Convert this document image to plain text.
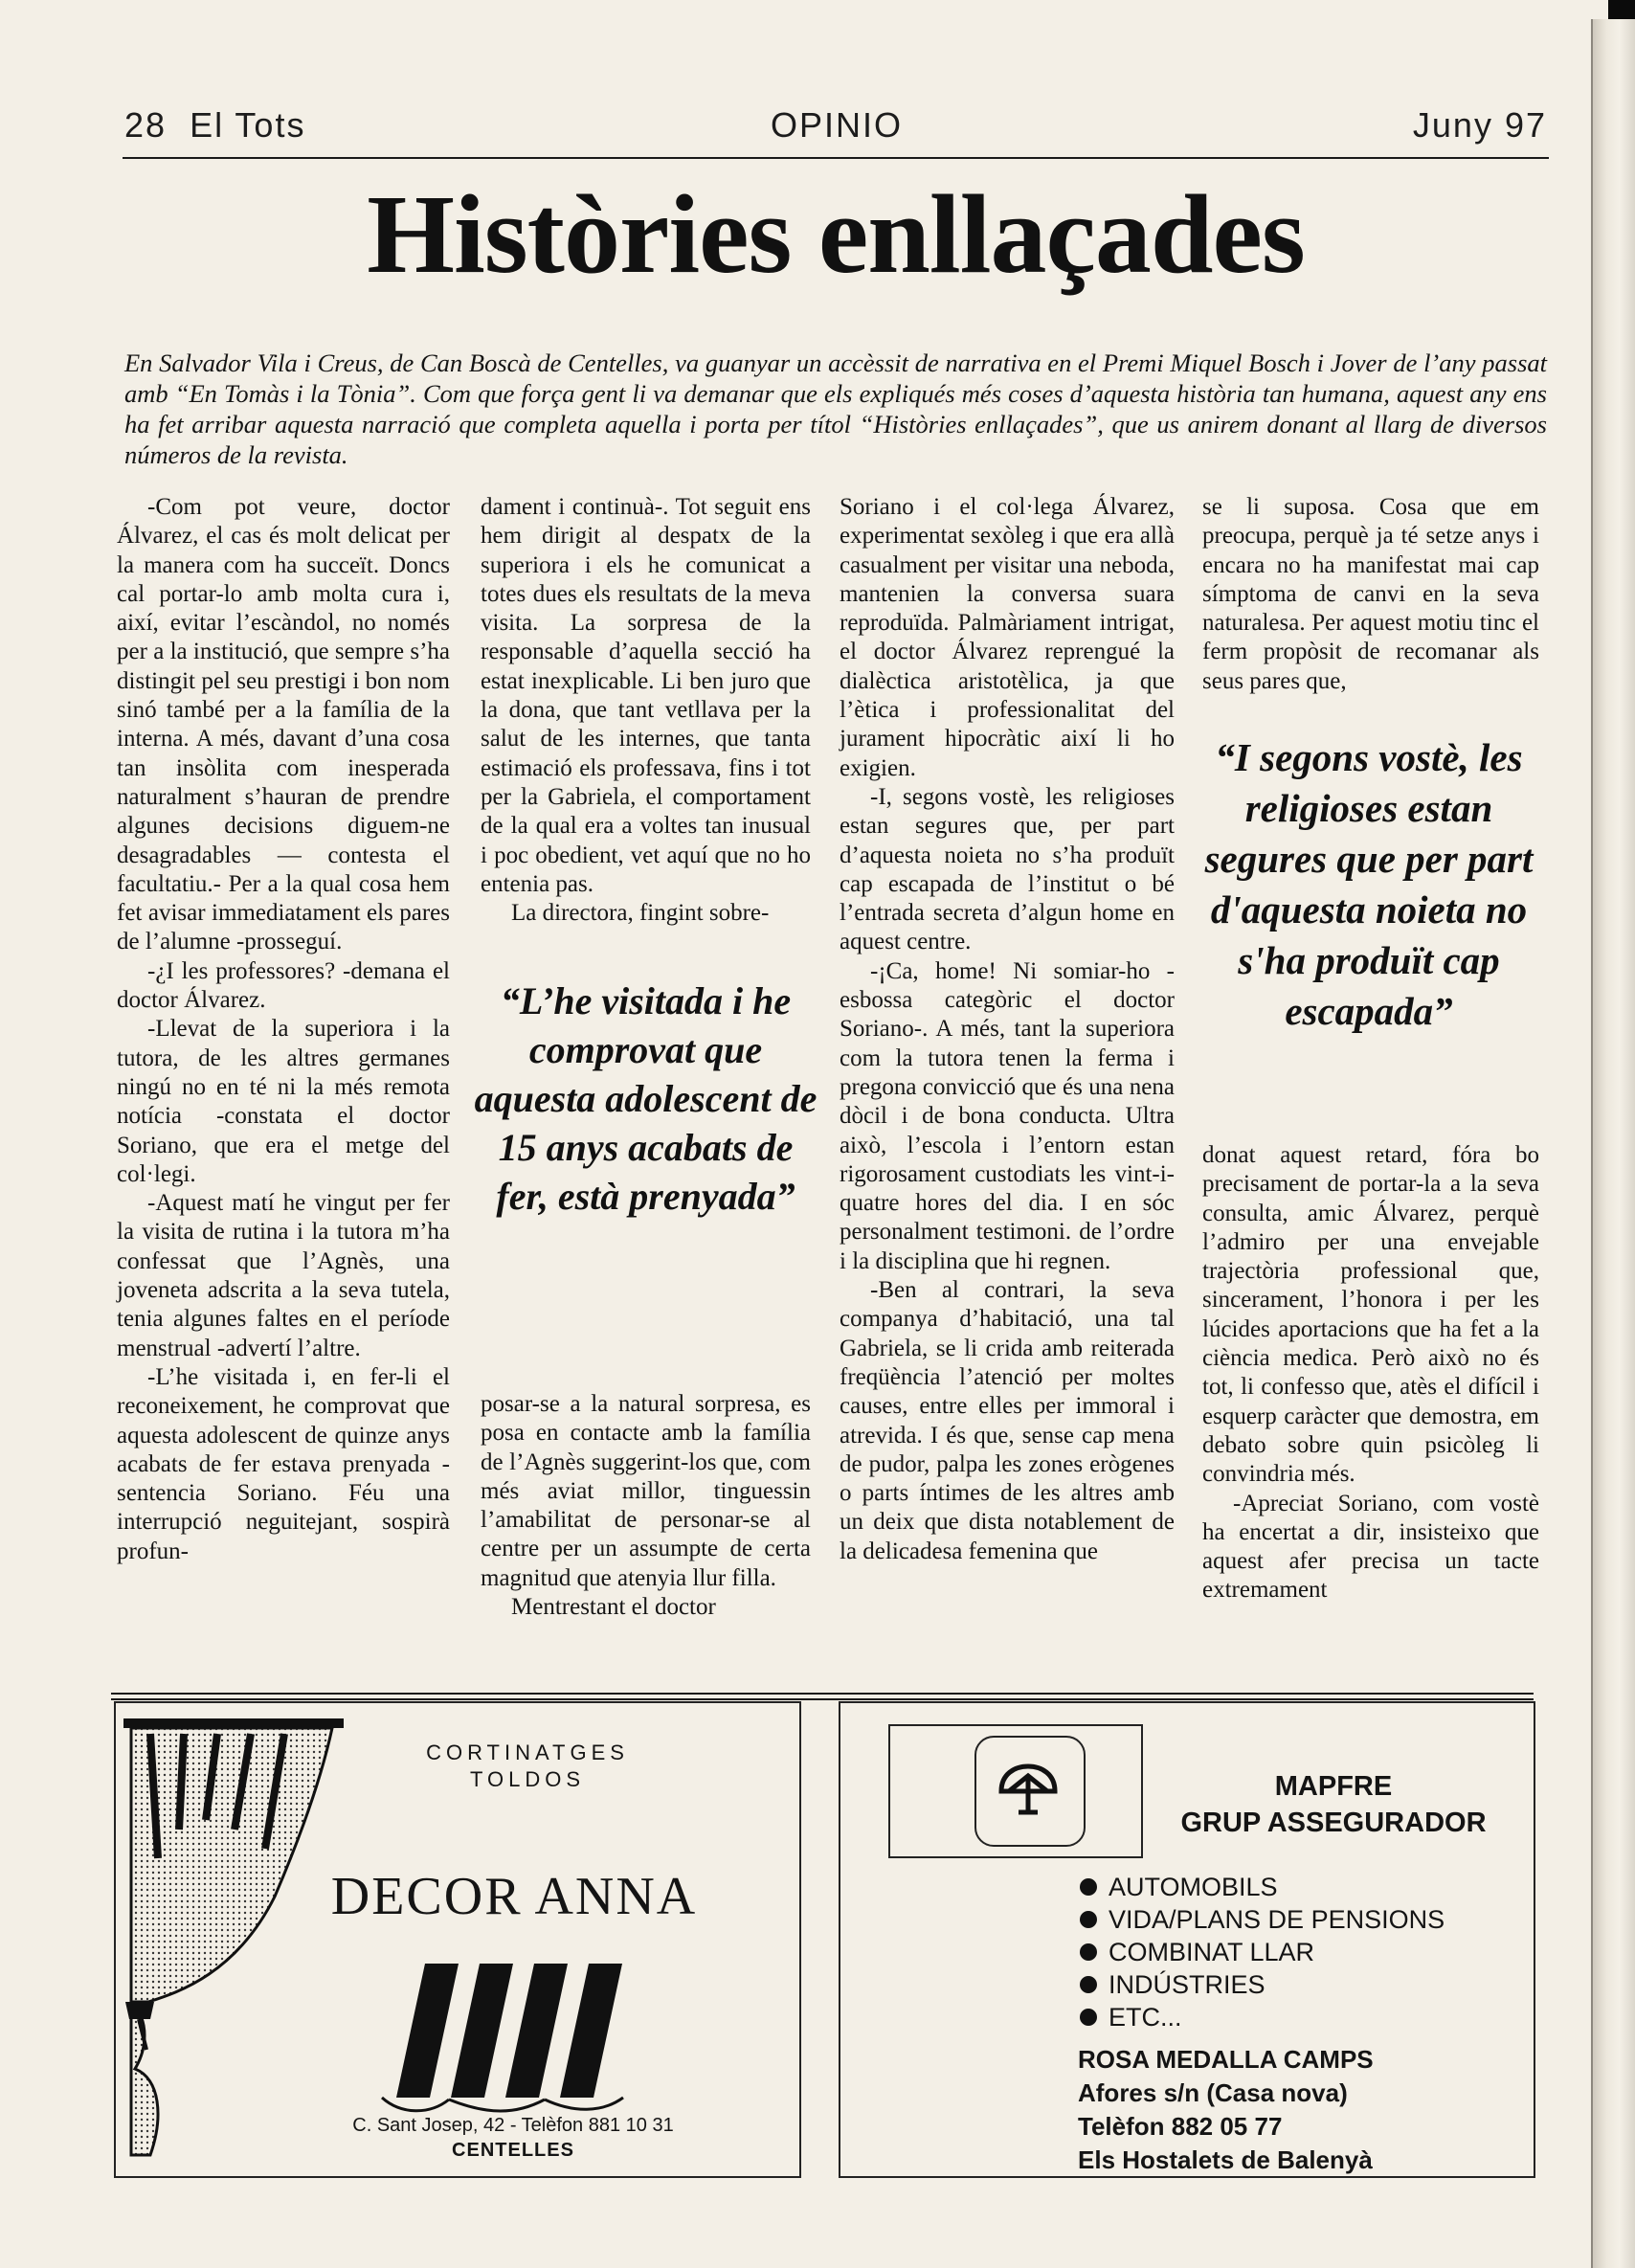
28 El Tots	OPINIO	Juny 97
Històries enllaçades
En Salvador Vila i Creus, de Can Boscà de Centelles, va guanyar un accèssit de narrativa en el Premi Miquel Bosch i Jover de l’any passat amb “En Tomàs i la Tònia”. Com que força gent li va demanar que els expliqués més coses d’aquesta història tan humana, aquest any ens ha fet arribar aquesta narració que completa aquella i porta per títol “Històries enllaçades”, que us anirem donant al llarg de diversos números de la revista.

-Com pot veure, doctor Álvarez, el cas és molt delicat per la manera com ha succeït. Doncs cal portar-lo amb molta cura i, així, evitar l’escàndol, no només per a la institució, que sempre s’ha distingit pel seu prestigi i bon nom sinó també per a la família de la interna. A més, davant d’una cosa tan insòlita com inesperada naturalment s’hauran de prendre algunes decisions diguem-ne desagradables — contesta el facultatiu.- Per a la qual cosa hem fet avisar immediatament els pares de l’alumne -prosseguí.

-¿I les professores? -demana el doctor Álvarez.

-Llevat de la superiora i la tutora, de les altres germanes ningú no en té ni la més remota notícia -constata el doctor Soriano, que era el metge del col·legi.

-Aquest matí he vingut per fer la visita de rutina i la tutora m’ha confessat que l’Agnès, una joveneta adscrita a la seva tutela, tenia algunes faltes en el període menstrual -advertí l’altre.

-L’he visitada i, en fer-li el reconeixement, he comprovat que aquesta adolescent de quinze anys acabats de fer estava prenyada -sentencia Soriano. Féu una interrupció neguitejant, sospirà profun-

dament i continuà-. Tot seguit ens hem dirigit al despatx de la superiora i els he comunicat a totes dues els resultats de la meva visita. La sorpresa de la responsable d’aquella secció ha estat inexplicable. Li ben juro que la dona, que tant vetllava per la salut de les internes, que tanta estimació els professava, fins i tot per la Gabriela, el comportament de la qual era a voltes tan inusual i poc obedient, vet aquí que no ho entenia pas.

La directora, fingint sobre-

“L’he visitada i he comprovat que aquesta adolescent de 15 anys acabats de fer, està prenyada”

posar-se a la natural sorpresa, es posa en contacte amb la família de l’Agnès suggerint-los que, com més aviat millor, tinguessin l’amabilitat de personar-se al centre per un assumpte de certa magnitud que atenyia llur filla.

Mentrestant el doctor

Soriano i el col·lega Álvarez, experimentat sexòleg i que era allà casualment per visitar una neboda, mantenien la conversa suara reproduïda. Palmàriament intrigat, el doctor Álvarez reprengué la dialèctica aristotèlica, ja que l’ètica i professionalitat del jurament hipocràtic així li ho exigien.

-I, segons vostè, les religioses estan segures que, per part d’aquesta noieta no s’ha produït cap escapada de l’institut o bé l’entrada secreta d’algun home en aquest centre.

-¡Ca, home! Ni somiar-ho -esbossa categòric el doctor Soriano-. A més, tant la superiora com la tutora tenen la ferma i pregona convicció que és una nena dòcil i de bona conducta. Ultra això, l’escola i l’entorn estan rigorosament custodiats les vint-i-quatre hores del dia. I en sóc personalment testimoni. de l’ordre i la disciplina que hi regnen.

-Ben al contrari, la seva companya d’habitació, una tal Gabriela, se li crida amb reiterada freqüència l’atenció per moltes causes, entre elles per immoral i atrevida. I és que, sense cap mena de pudor, palpa les zones erògenes o parts íntimes de les altres amb un deix que dista notablement de la delicadesa femenina que

se li suposa. Cosa que em preocupa, perquè ja té setze anys i encara no ha manifestat mai cap símptoma de canvi en la seva naturalesa. Per aquest motiu tinc el ferm propòsit de recomanar als seus pares que,

“I segons vostè, les religioses estan segures que per part d'aquesta noieta no s'ha produït cap escapada”

donat aquest retard, fóra bo precisament de portar-la a la seva consulta, amic Álvarez, perquè l’admiro per una envejable trajectòria professional que, sincerament, l’honora i per les lúcides aportacions que ha fet a la ciència medica. Però això no és tot, li confesso que, atès el difícil i esquerp caràcter que demostra, em debato sobre quin psicòleg li convindria més.

-Apreciat Soriano, com vostè ha encertat a dir, insisteixo que aquest afer precisa un tacte extremament

CORTINATGES
TOLDOS
DECOR ANNA
C. Sant Josep, 42 - Telèfon 881 10 31
CENTELLES
MAPFRE
GRUP ASSEGURADOR
AUTOMOBILS
VIDA/PLANS DE PENSIONS
COMBINAT LLAR
INDÚSTRIES
ETC...
ROSA MEDALLA CAMPS
Afores s/n (Casa nova)
Telèfon 882 05 77
Els Hostalets de Balenyà
